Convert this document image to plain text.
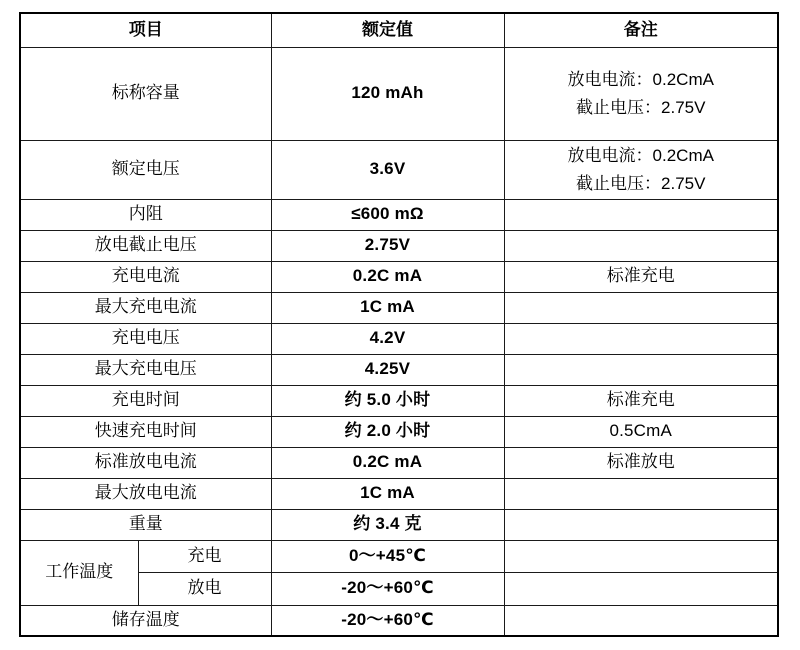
项目		额定值	备注
标称容量		120 mAh	放电电流：0.2CmA
截止电压：2.75V

额定电压		3.6V	放电电流：0.2CmA
截止电压：2.75V

内阻		≤600 mΩ	
放电截止电压		2.75V	
充电电流		0.2C mA	标准充电
最大充电电流		1C mA	
充电电压		4.2V	
最大充电电压		4.25V	
充电时间		约 5.0 小时	标准充电
快速充电时间		约 2.0 小时	0.5CmA
标准放电电流		0.2C mA	标准放电
最大放电电流		1C mA	
重量		约 3.4 克	
工作温度	充电	0～+45℃	
	放电	-20～+60℃	
储存温度		-20～+60℃	
